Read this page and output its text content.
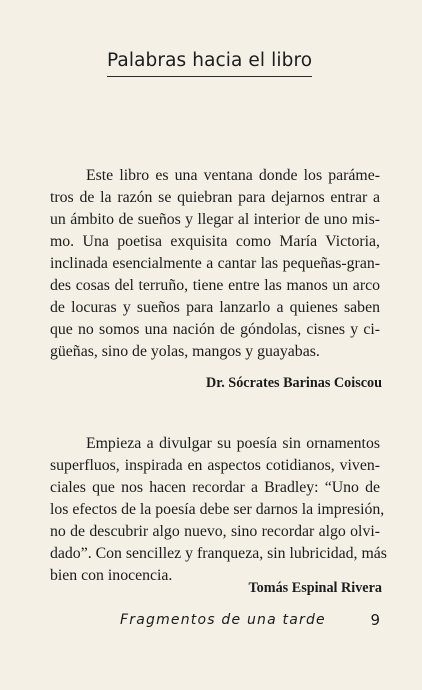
Palabras hacia el libro
Este libro es una ventana donde los paráme-
tros de la razón se quiebran para dejarnos entrar a
un ámbito de sueños y llegar al interior de uno mis-
mo. Una poetisa exquisita como María Victoria,
inclinada esencialmente a cantar las pequeñas-gran-
des cosas del terruño, tiene entre las manos un arco
de locuras y sueños para lanzarlo a quienes saben
que no somos una nación de góndolas, cisnes y ci-
güeñas, sino de yolas, mangos y guayabas.
Dr. Sócrates Barinas Coiscou
Empieza a divulgar su poesía sin ornamentos
superfluos, inspirada en aspectos cotidianos, viven-
ciales que nos hacen recordar a Bradley: “Uno de
los efectos de la poesía debe ser darnos la impresión,
no de descubrir algo nuevo, sino recordar algo olvi-
dado”. Con sencillez y franqueza, sin lubricidad, más
bien con inocencia.
Tomás Espinal Rivera
Fragmentos de una tarde	9
